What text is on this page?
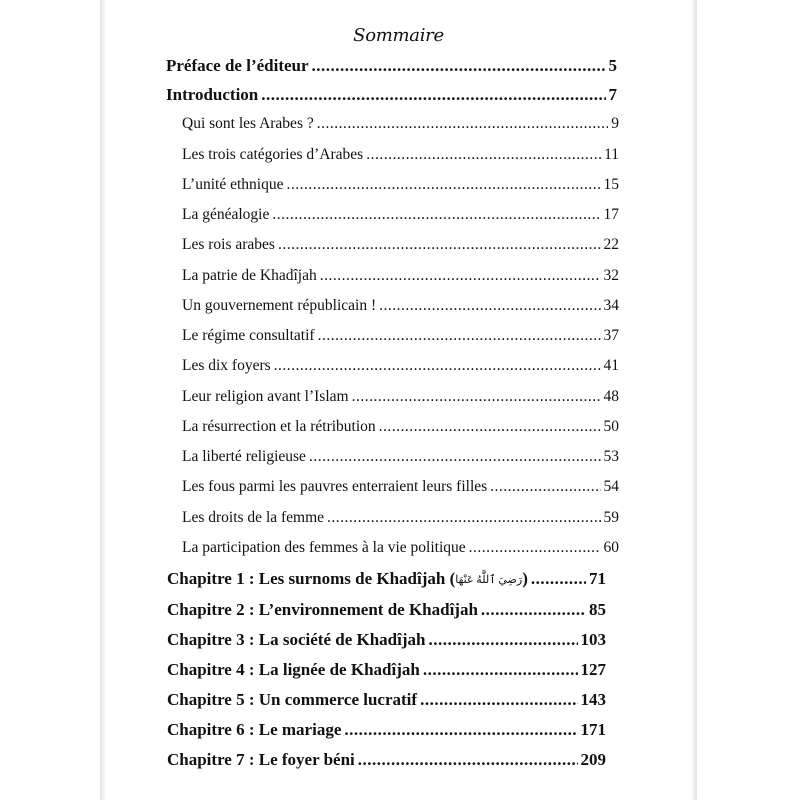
Sommaire
Préface de l’éditeur .....	5
Introduction .....	7
Qui sont les Arabes ? .....	9
Les trois catégories d’Arabes .....	11
L’unité ethnique .....	15
La généalogie .....	17
Les rois arabes .....	22
La patrie de Khadîjah .....	32
Un gouvernement républicain ! .....	34
Le régime consultatif .....	37
Les dix foyers .....	41
Leur religion avant l’Islam .....	48
La résurrection et la rétribution .....	50
La liberté religieuse .....	53
Les fous parmi les pauvres enterraient leurs filles .....	54
Les droits de la femme .....	59
La participation des femmes à la vie politique .....	60
Chapitre 1 : Les surnoms de Khadîjah (رَضِيَ ٱللَّٰهُ عَنْهَا) .....	71
Chapitre 2 : L’environnement de Khadîjah .....	85
Chapitre 3 : La société de Khadîjah .....	103
Chapitre 4 : La lignée de Khadîjah .....	127
Chapitre 5 : Un commerce lucratif .....	143
Chapitre 6 : Le mariage .....	171
Chapitre 7 : Le foyer béni .....	209
